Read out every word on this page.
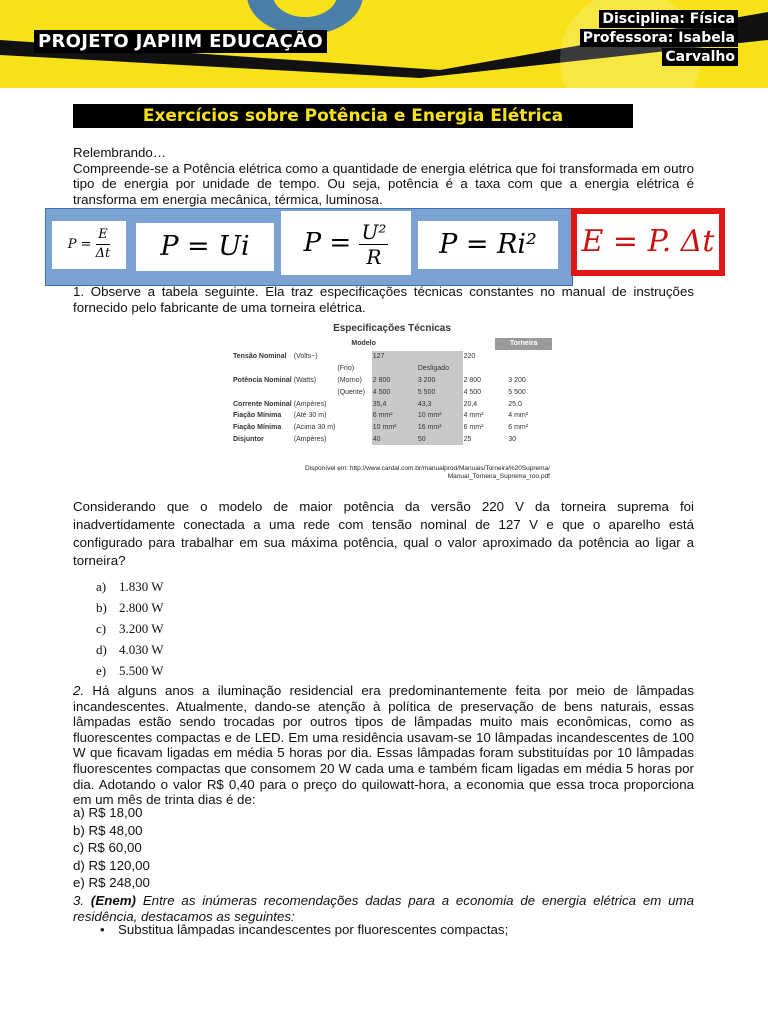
PROJETO JAPIIM EDUCAÇÃO
Disciplina: Física
Professora: Isabela
Carvalho
Exercícios sobre Potência e Energia Elétrica
Relembrando…
Compreende-se a Potência elétrica como a quantidade de energia elétrica que foi transformada em outro tipo de energia por unidade de tempo. Ou seja, potência é a taxa com que a energia elétrica é transforma em energia mecânica, térmica, luminosa.
$P = \frac{E}{\Delta t}$	P = Ui	$P = \frac{\text{U²}}{R}$	P = Ri²	E = P. Δt
1. Observe a tabela seguinte. Ela traz especificações técnicas constantes no manual de instruções fornecido pelo fabricante de uma torneira elétrica.
Especificações Técnicas
Modelo	Torneira
Tensão Nominal	(Volts~)		127		220	
		(Frio)		Desligado		
Potência Nominal	(Watts)	(Morno)	2 800	3 200	2 800	3 200
		(Quente)	4 500	5 500	4 500	5 500
Corrente Nominal	(Ampères)		35,4	43,3	20,4	25,0
Fiação Mínima	(Até 30 m)		6 mm²	10 mm²	4 mm²	4 mm²
Fiação Mínima	(Acima 30 m)		10 mm²	16 mm²	6 mm²	6 mm²
Disjuntor	(Ampères)		40	50	25	30
Disponível em: http://www.cardal.com.br/manualprod/Manuais/Torneira%20Suprema/
Manual_Torneira_Suprema_roo.pdf
Considerando que o modelo de maior potência da versão 220 V da torneira suprema foi inadvertidamente conectada a uma rede com tensão nominal de 127 V e que o aparelho está configurado para trabalhar em sua máxima potência, qual o valor aproximado da potência ao ligar a torneira?
a) 1.830 W
b) 2.800 W
c) 3.200 W
d) 4.030 W
e) 5.500 W
2. Há alguns anos a iluminação residencial era predominantemente feita por meio de lâmpadas incandescentes. Atualmente, dando-se atenção à política de preservação de bens naturais, essas lâmpadas estão sendo trocadas por outros tipos de lâmpadas muito mais econômicas, como as fluorescentes compactas e de LED. Em uma residência usavam-se 10 lâmpadas incandescentes de 100 W que ficavam ligadas em média 5 horas por dia. Essas lâmpadas foram substituídas por 10 lâmpadas fluorescentes compactas que consomem 20 W cada uma e também ficam ligadas em média 5 horas por dia. Adotando o valor R$ 0,40 para o preço do quilowatt-hora, a economia que essa troca proporciona em um mês de trinta dias é de:
a) R$ 18,00
b) R$ 48,00
c) R$ 60,00
d) R$ 120,00
e) R$ 248,00
3. (Enem) Entre as inúmeras recomendações dadas para a economia de energia elétrica em uma residência, destacamos as seguintes:
• Substitua lâmpadas incandescentes por fluorescentes compactas;
